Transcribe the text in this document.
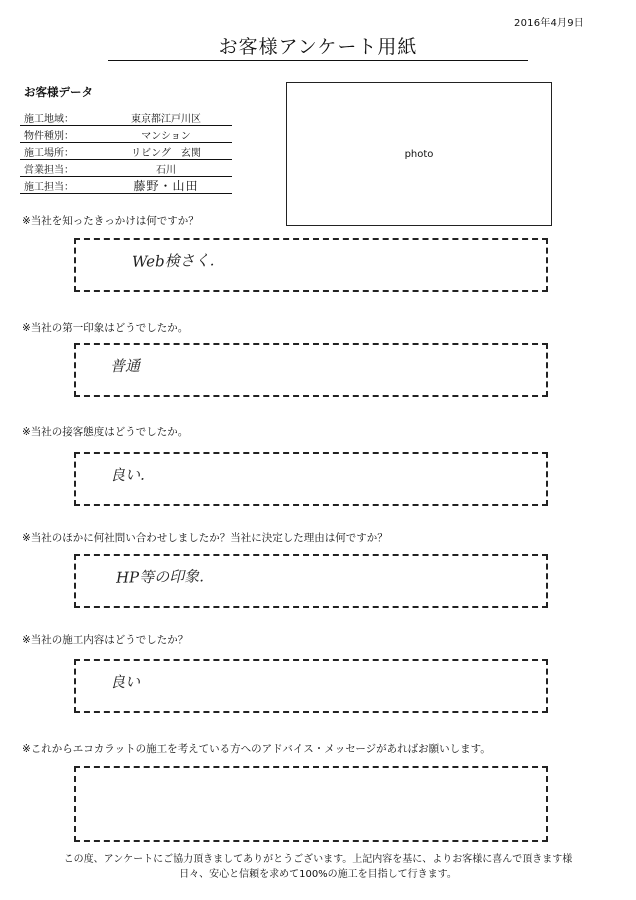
2016年4月9日
お客様アンケート用紙
お客様データ
施工地域：	東京都江戸川区
物件種別：	マンション
施工場所：	リビング　玄関
営業担当：	石川
施工担当：	藤野・山田
photo
※当社を知ったきっかけは何ですか？
Web検さく.
※当社の第一印象はどうでしたか。
普通
※当社の接客態度はどうでしたか。
良い.
※当社のほかに何社問い合わせしましたか？当社に決定した理由は何ですか？
HP等の印象.
※当社の施工内容はどうでしたか？
良い
※これからエコカラットの施工を考えている方へのアドバイス・メッセージがあればお願いします。
この度、アンケートにご協力頂きましてありがとうございます。上記内容を基に、よりお客様に喜んで頂きます様
日々、安心と信頼を求めて100%の施工を目指して行きます。
